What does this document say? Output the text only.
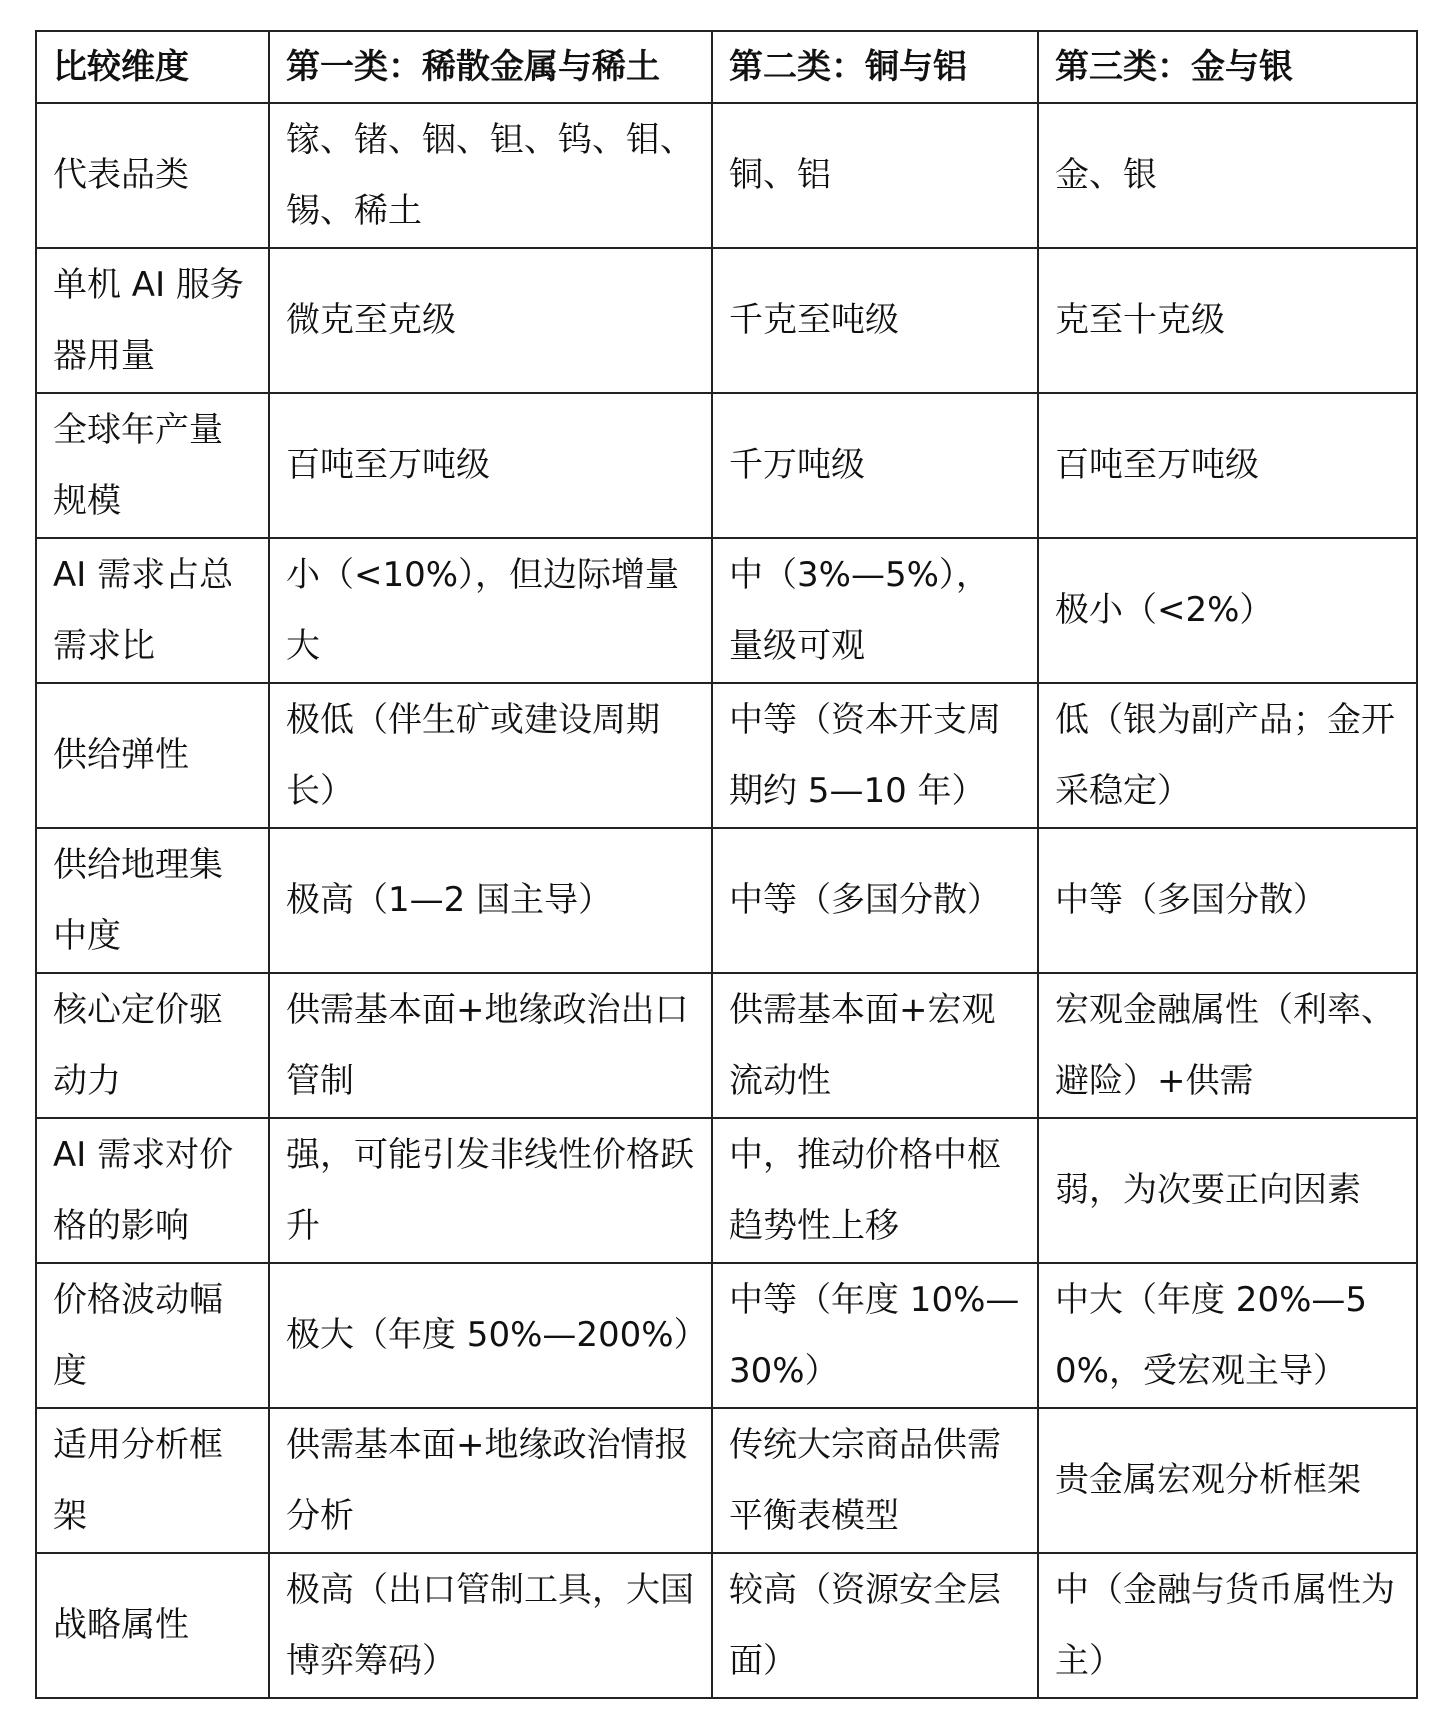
比较维度	第一类：稀散金属与稀土	第二类：铜与铝	第三类：金与银
代表品类	镓、锗、铟、钽、钨、钼、锡、稀土	铜、铝	金、银
单机 AI 服务器用量	微克至克级	千克至吨级	克至十克级
全球年产量规模	百吨至万吨级	千万吨级	百吨至万吨级
AI 需求占总需求比	小（<10%），但边际增量大	中（3%—5%），量级可观	极小（<2%）
供给弹性	极低（伴生矿或建设周期长）	中等（资本开支周期约 5—10 年）	低（银为副产品；金开采稳定）
供给地理集中度	极高（1—2 国主导）	中等（多国分散）	中等（多国分散）
核心定价驱动力	供需基本面+地缘政治出口管制	供需基本面+宏观流动性	宏观金融属性（利率、避险）+供需
AI 需求对价格的影响	强，可能引发非线性价格跃升	中，推动价格中枢趋势性上移	弱，为次要正向因素
价格波动幅度	极大（年度 50%—200%）	中等（年度 10%—30%）	中大（年度 20%—50%，受宏观主导）
适用分析框架	供需基本面+地缘政治情报分析	传统大宗商品供需平衡表模型	贵金属宏观分析框架
战略属性	极高（出口管制工具，大国博弈筹码）	较高（资源安全层面）	中（金融与货币属性为主）
